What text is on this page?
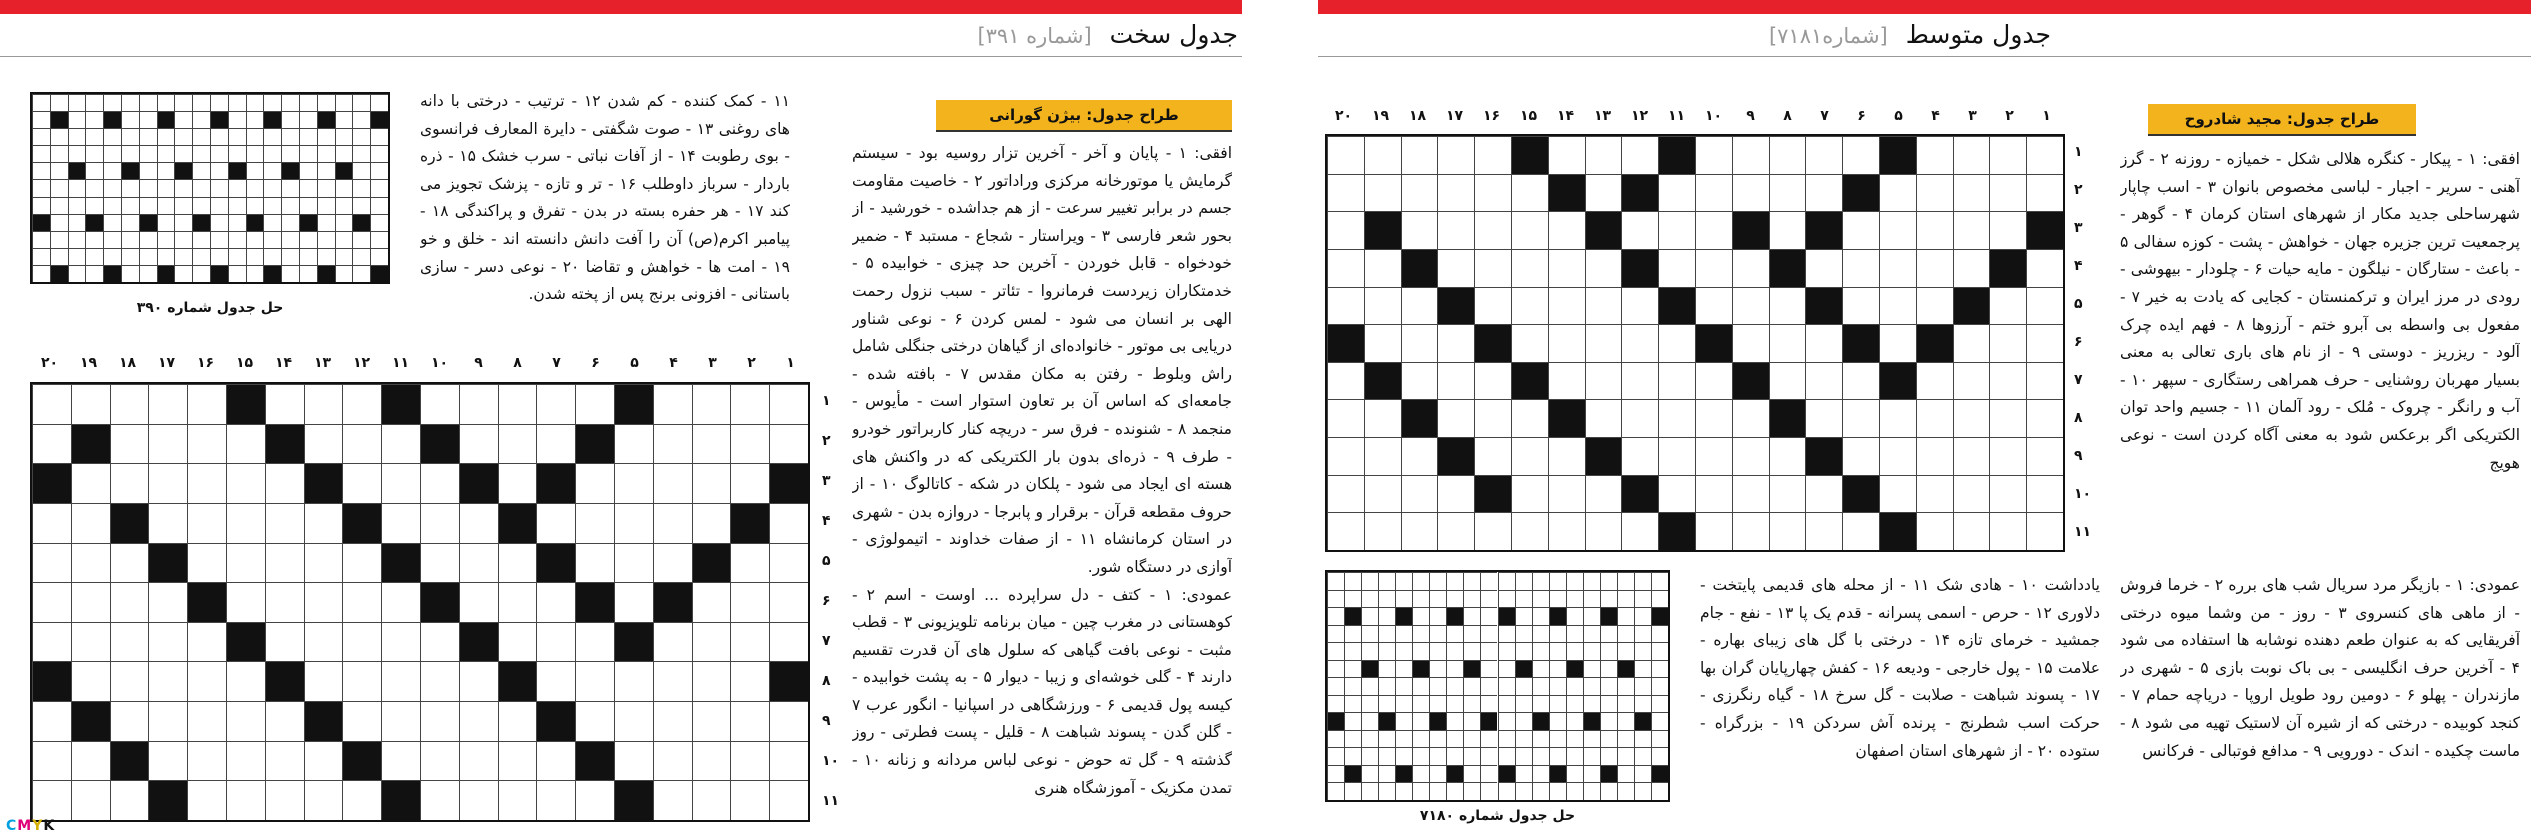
جدول سخت [شماره ۳۹۱]
حل جدول شماره ۳۹۰
۱۱ - کمک کننده - کم شدن ۱۲ - ترتیب - درختی با دانه های روغنی ۱۳ - صوت شگفتی - دایرة المعارف فرانسوی - بوی رطوبت ۱۴ - از آفات نباتی - سرب خشک ۱۵ - ذره باردار - سرباز داوطلب ۱۶ - تر و تازه - پزشک تجویز می کند ۱۷ - هر حفره بسته در بدن - تفرق و پراکندگی ۱۸ - پیامبر اکرم(ص) آن را آفت دانش دانسته اند - خلق و خو ۱۹ - امت ها - خواهش و تقاضا ۲۰ - نوعی دسر - سازی باستانی - افزونی برنج پس از پخته شدن.
طراح جدول: بیژن گورانی

افقی: ۱ - پایان و آخر - آخرین تزار روسیه بود - سیستم گرمایش یا موتورخانه مرکزی وراداتور ۲ - خاصیت مقاومت جسم در برابر تغییر سرعت - از هم جداشده - خورشید - از بحور شعر فارسی ۳ - ویراستار - شجاع - مستبد ۴ - ضمیر خودخواه - قابل خوردن - آخرین حد چیزی - خوابیده ۵ - خدمتکاران زیردست فرمانروا - تئاتر - سبب نزول رحمت الهی بر انسان می شود - لمس کردن ۶ - نوعی شناور دریایی بی موتور - خانواده‌ای از گیاهان درختی جنگلی شامل راش وبلوط - رفتن به مکان مقدس ۷ - بافته شده - جامعه‌ای که اساس آن بر تعاون استوار است - مأیوس - منجمد ۸ - شنونده - فرق سر - دریچه کنار کاربراتور خودرو - طرف ۹ - ذره‌ای بدون بار الکتریکی که در واکنش های هسته ای ایجاد می شود - پلکان در شکه - کاتالوگ ۱۰ - از حروف مقطعه قرآن - برقرار و پابرجا - دروازه بدن - شهری در استان کرمانشاه ۱۱ - از صفات خداوند - اتیمولوژی - آوازی در دستگاه شور.

عمودی: ۱ - کتف - دل سراپرده ... اوست - اسم ۲ - کوهستانی در مغرب چین - میان برنامه تلویزیونی ۳ - قطب مثبت - نوعی بافت گیاهی که سلول های آن قدرت تقسیم دارند ۴ - گلی خوشه‌ای و زیبا - دیوار ۵ - به پشت خوابیده - کیسه پول قدیمی ۶ - ورزشگاهی در اسپانیا - انگور عرب ۷ - گلن گدن - پسوند شباهت ۸ - قلیل - پست فطرتی - روز گذشته ۹ - گل ته حوض - نوعی لباس مردانه و زنانه ۱۰ - تمدن مکزیک - آموزشگاه هنری

۱
۲
۳
۴
۵
۶
۷
۸
۹
۱۰
۱۱
۱۲
۱۳
۱۴
۱۵
۱۶
۱۷
۱۸
۱۹
۲۰
۱
۲
۳
۴
۵
۶
۷
۸
۹
۱۰
۱۱
جدول متوسط [شماره۷۱۸۱]
۱
۲
۳
۴
۵
۶
۷
۸
۹
۱۰
۱۱
۱۲
۱۳
۱۴
۱۵
۱۶
۱۷
۱۸
۱۹
۲۰
۱
۲
۳
۴
۵
۶
۷
۸
۹
۱۰
۱۱
طراح جدول: مجید شادروح
افقی: ۱ - پیکار - کنگره هلالی شکل - خمیازه - روزنه ۲ - گرز آهنی - سریر - اجبار - لباسی مخصوص بانوان ۳ - اسب چاپار شهرساحلی جدید مکار از شهرهای استان کرمان ۴ - گوهر - پرجمعیت ترین جزیره جهان - خواهش - پشت - کوزه سفالی ۵ - باعث - ستارگان - نیلگون - مایه حیات ۶ - چلودار - بیهوشی - رودی در مرز ایران و ترکمنستان - کجایی که یادت به خیر ۷ - مفعول بی واسطه بی آبرو ختم - آرزوها ۸ - فهم ایده چرک آلود - ریزریز - دوستی ۹ - از نام های باری تعالی به معنی بسیار مهربان روشنایی - حرف همراهی رستگاری - سپهر ۱۰ - آب و رانگر - چروک - مُلک - رود آلمان ۱۱ - جسیم واحد توان الکتریکی اگر برعکس شود به معنی آگاه کردن است - نوعی هویج
عمودی: ۱ - بازیگر مرد سریال شب های برره ۲ - خرما فروش - از ماهی های کنسروی ۳ - روز - من وشما میوه درختی آفریقایی که به عنوان طعم دهنده نوشابه ها استفاده می شود ۴ - آخرین حرف انگلیسی - بی باک نوبت بازی ۵ - شهری در مازندران - پهلو ۶ - دومین رود طویل اروپا - دریاچه حمام ۷ - کنجد کوبیده - درختی که از شیره آن لاستیک تهیه می شود ۸ - ماست چکیده - اندک - دورویی ۹ - مدافع فوتبالی - فرکانس
یادداشت ۱۰ - هادی شک ۱۱ - از محله های قدیمی پایتخت - دلاوری ۱۲ - حرص - اسمی پسرانه - قدم یک پا ۱۳ - نفع - جام جمشید - خرمای تازه ۱۴ - درختی با گل های زیبای بهاره - علامت ۱۵ - پول خارجی - ودیعه ۱۶ - کفش چهارپایان گران بها ۱۷ - پسوند شباهت - صلابت - گل سرخ ۱۸ - گیاه رنگرزی - حرکت اسب شطرنج - پرنده آش سردکن ۱۹ - بزرگراه - ستوده ۲۰ - از شهرهای استان اصفهان
حل جدول شماره ۷۱۸۰
CMYK
